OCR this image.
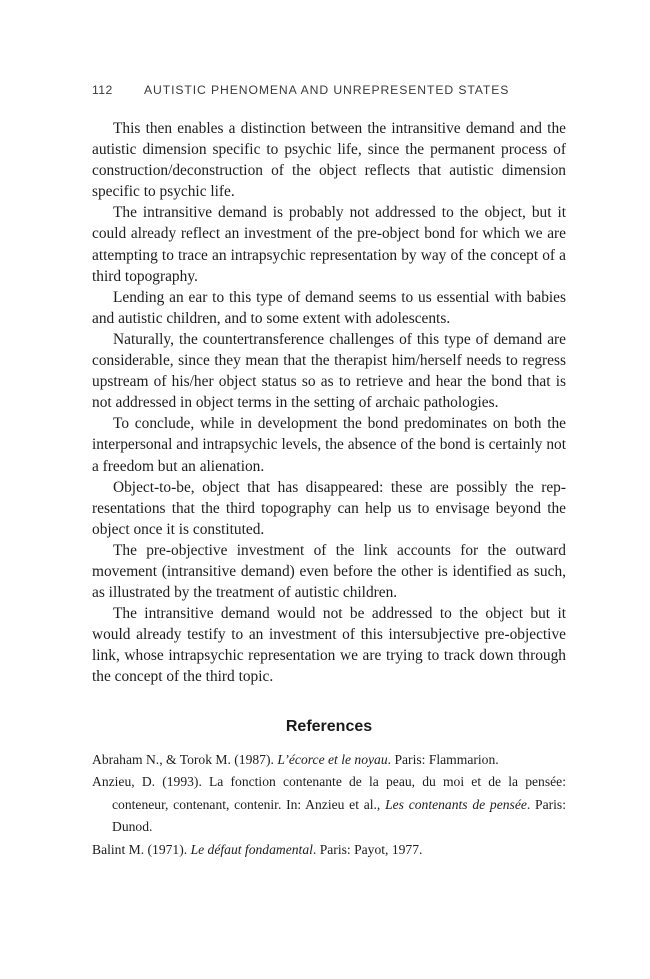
112	AUTISTIC PHENOMENA AND UNREPRESENTED STATES

This then enables a distinction between the intransitive demand and the autistic dimension specific to psychic life, since the permanent process of construction/deconstruction of the object reflects that autistic dimension specific to psychic life.

The intransitive demand is probably not addressed to the object, but it could already reflect an investment of the pre-object bond for which we are attempting to trace an intrapsychic representation by way of the concept of a third topography.

Lending an ear to this type of demand seems to us essential with babies and autistic children, and to some extent with adolescents.

Naturally, the countertransference challenges of this type of demand are considerable, since they mean that the therapist him/herself needs to regress upstream of his/her object status so as to retrieve and hear the bond that is not addressed in object terms in the setting of archaic pathologies.

To conclude, while in development the bond predominates on both the interpersonal and intrapsychic levels, the absence of the bond is certainly not a freedom but an alienation.

Object-to-be, object that has disappeared: these are possibly the representations that the third topography can help us to envisage beyond the object once it is constituted.

The pre-objective investment of the link accounts for the outward movement (intransitive demand) even before the other is identified as such, as illustrated by the treatment of autistic children.

The intransitive demand would not be addressed to the object but it would already testify to an investment of this intersubjective pre-objective link, whose intrapsychic representation we are trying to track down through the concept of the third topic.

References

Abraham N., & Torok M. (1987). L’écorce et le noyau. Paris: Flammarion.

Anzieu, D. (1993). La fonction contenante de la peau, du moi et de la pensée: conteneur, contenant, contenir. In: Anzieu et al., Les contenants de pensée. Paris: Dunod.

Balint M. (1971). Le défaut fondamental. Paris: Payot, 1977.
